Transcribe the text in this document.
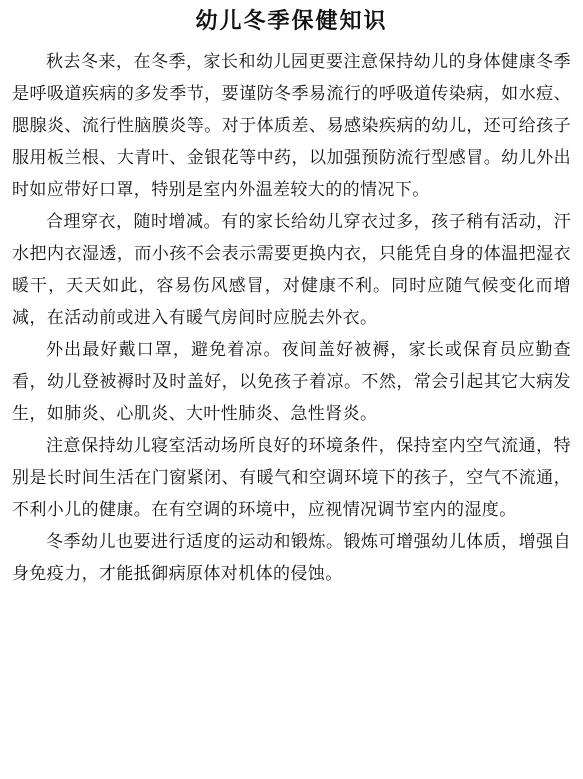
幼儿冬季保健知识

秋去冬来，在冬季，家长和幼儿园更要注意保持幼儿的身体健康冬季是呼吸道疾病的多发季节，要谨防冬季易流行的呼吸道传染病，如水痘、腮腺炎、流行性脑膜炎等。对于体质差、易感染疾病的幼儿，还可给孩子服用板兰根、大青叶、金银花等中药，以加强预防流行型感冒。幼儿外出时如应带好口罩，特别是室内外温差较大的的情况下。

合理穿衣，随时增减。有的家长给幼儿穿衣过多，孩子稍有活动，汗水把内衣湿透，而小孩不会表示需要更换内衣，只能凭自身的体温把湿衣暖干，天天如此，容易伤风感冒，对健康不利。同时应随气候变化而增减，在活动前或进入有暖气房间时应脱去外衣。

外出最好戴口罩，避免着凉。夜间盖好被褥，家长或保育员应勤查看，幼儿登被褥时及时盖好，以免孩子着凉。不然，常会引起其它大病发生，如肺炎、心肌炎、大叶性肺炎、急性肾炎。

注意保持幼儿寝室活动场所良好的环境条件，保持室内空气流通，特别是长时间生活在门窗紧闭、有暖气和空调环境下的孩子，空气不流通，不利小儿的健康。在有空调的环境中，应视情况调节室内的湿度。

冬季幼儿也要进行适度的运动和锻炼。锻炼可增强幼儿体质，增强自身免疫力，才能抵御病原体对机体的侵蚀。
